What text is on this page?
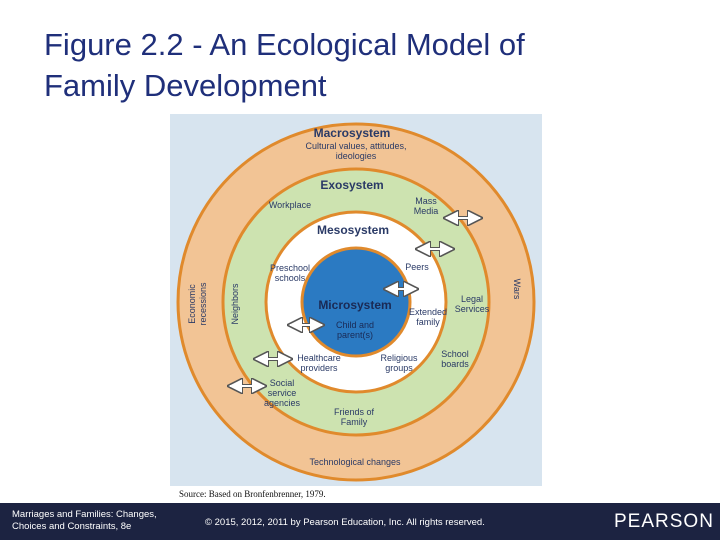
Figure 2.2 - An Ecological Model of
Family Development
Macrosystem
Cultural values, attitudes,
ideologies
Economic recessions	Wars
Technological changes
Exosystem
Workplace	Mass
Media
Neighbors	Legal
Services
School
boards
Social
service
agencies
Friends of
Family
Mesosystem
Preschool
schools
Peers
Extended
family
Healthcare
providers
Religious
groups
Microsystem
Child and
parent(s)
Source: Based on Bronfenbrenner, 1979.
Marriages and Families: Changes,
Choices and Constraints, 8e	© 2015, 2012, 2011 by Pearson Education, Inc. All rights reserved.	PEARSON
